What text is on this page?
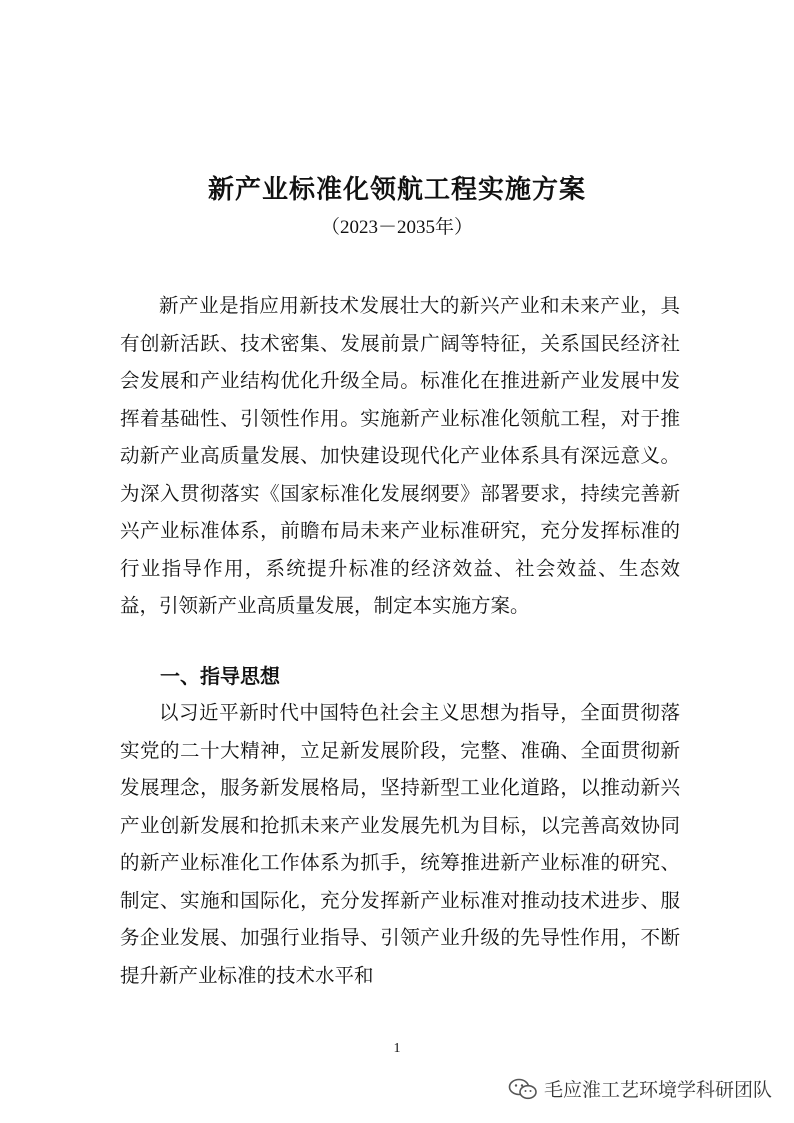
新产业标准化领航工程实施方案
（2023－2035年）

新产业是指应用新技术发展壮大的新兴产业和未来产业，具有创新活跃、技术密集、发展前景广阔等特征，关系国民经济社会发展和产业结构优化升级全局。标准化在推进新产业发展中发挥着基础性、引领性作用。实施新产业标准化领航工程，对于推动新产业高质量发展、加快建设现代化产业体系具有深远意义。为深入贯彻落实《国家标准化发展纲要》部署要求，持续完善新兴产业标准体系，前瞻布局未来产业标准研究，充分发挥标准的行业指导作用，系统提升标准的经济效益、社会效益、生态效益，引领新产业高质量发展，制定本实施方案。

一、指导思想

以习近平新时代中国特色社会主义思想为指导，全面贯彻落实党的二十大精神，立足新发展阶段，完整、准确、全面贯彻新发展理念，服务新发展格局，坚持新型工业化道路，以推动新兴产业创新发展和抢抓未来产业发展先机为目标，以完善高效协同的新产业标准化工作体系为抓手，统筹推进新产业标准的研究、制定、实施和国际化，充分发挥新产业标准对推动技术进步、服务企业发展、加强行业指导、引领产业升级的先导性作用，不断提升新产业标准的技术水平和

1
毛应淮工艺环境学科研团队
